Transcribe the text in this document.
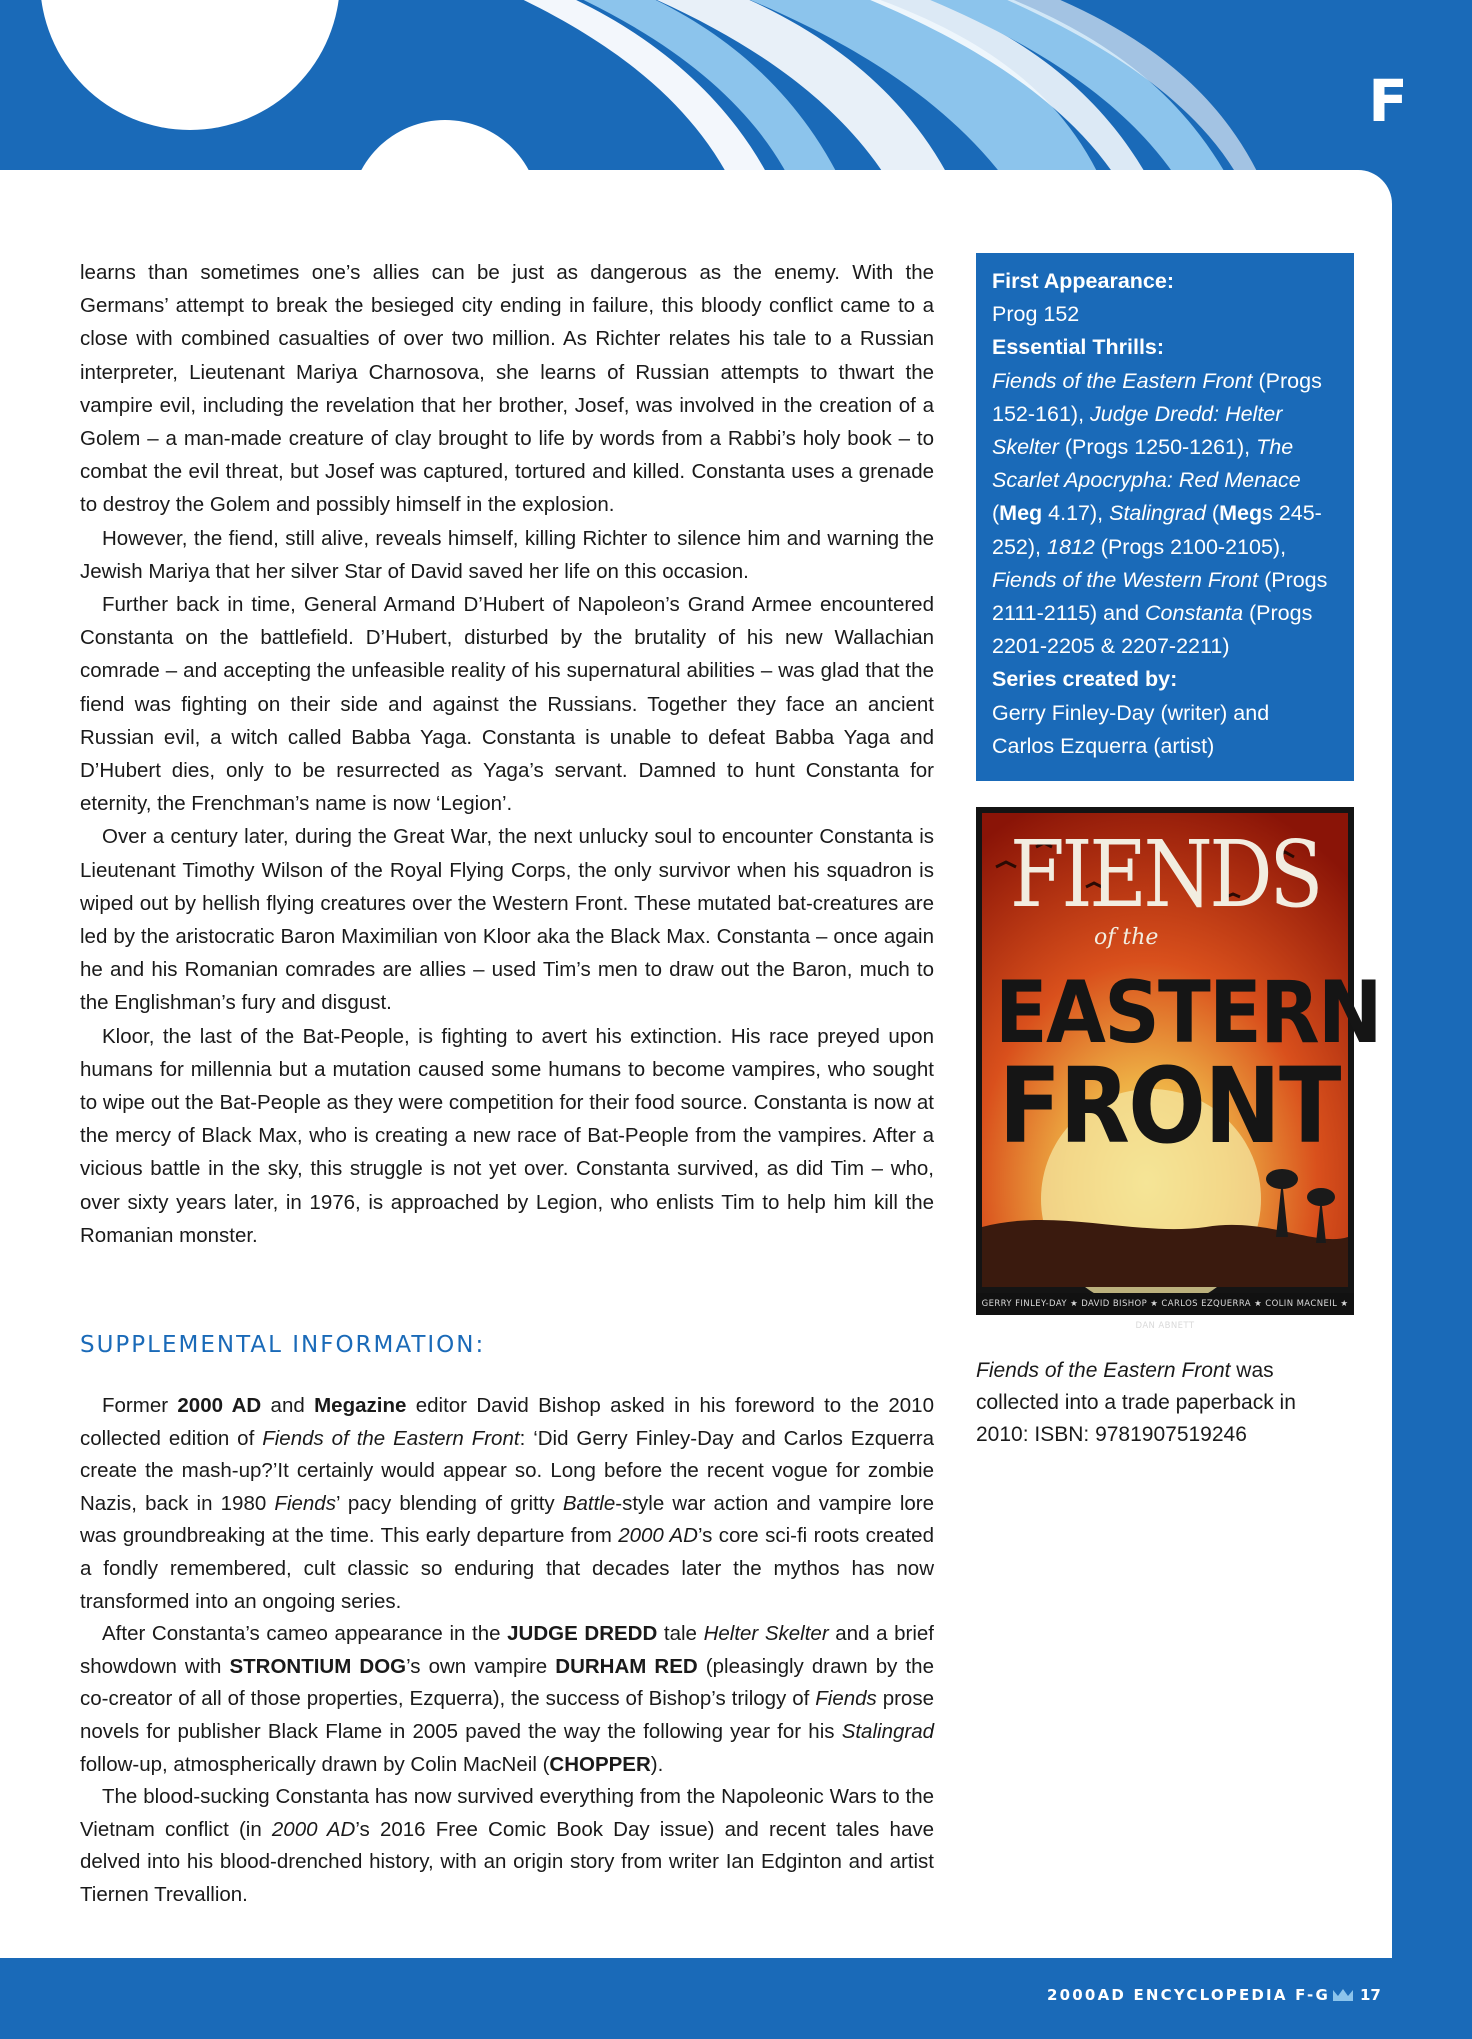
F

learns than sometimes one’s allies can be just as dangerous as the enemy. With the Germans’ attempt to break the besieged city ending in failure, this bloody conflict came to a close with combined casualties of over two million. As Richter relates his tale to a Russian interpreter, Lieutenant Mariya Charnosova, she learns of Russian attempts to thwart the vampire evil, including the revelation that her brother, Josef, was involved in the creation of a Golem – a man-made creature of clay brought to life by words from a Rabbi’s holy book – to combat the evil threat, but Josef was captured, tortured and killed. Constanta uses a grenade to destroy the Golem and possibly himself in the explosion.

However, the fiend, still alive, reveals himself, killing Richter to silence him and warning the Jewish Mariya that her silver Star of David saved her life on this occasion.

Further back in time, General Armand D’Hubert of Napoleon’s Grand Armee encountered Constanta on the battlefield. D’Hubert, disturbed by the brutality of his new Wallachian comrade – and accepting the unfeasible reality of his supernatural abilities – was glad that the fiend was fighting on their side and against the Russians. Together they face an ancient Russian evil, a witch called Babba Yaga. Constanta is unable to defeat Babba Yaga and D’Hubert dies, only to be resurrected as Yaga’s servant. Damned to hunt Constanta for eternity, the Frenchman’s name is now ‘Legion’.

Over a century later, during the Great War, the next unlucky soul to encounter Constanta is Lieutenant Timothy Wilson of the Royal Flying Corps, the only survivor when his squadron is wiped out by hellish flying creatures over the Western Front. These mutated bat-creatures are led by the aristocratic Baron Maximilian von Kloor aka the Black Max. Constanta – once again he and his Romanian comrades are allies – used Tim’s men to draw out the Baron, much to the Englishman’s fury and disgust.

Kloor, the last of the Bat-People, is fighting to avert his extinction. His race preyed upon humans for millennia but a mutation caused some humans to become vampires, who sought to wipe out the Bat-People as they were competition for their food source. Constanta is now at the mercy of Black Max, who is creating a new race of Bat-People from the vampires. After a vicious battle in the sky, this struggle is not yet over. Constanta survived, as did Tim – who, over sixty years later, in 1976, is approached by Legion, who enlists Tim to help him kill the Romanian monster.

SUPPLEMENTAL INFORMATION:

Former 2000 AD and Megazine editor David Bishop asked in his foreword to the 2010 collected edition of Fiends of the Eastern Front: ‘Did Gerry Finley-Day and Carlos Ezquerra create the mash-up?’It certainly would appear so. Long before the recent vogue for zombie Nazis, back in 1980 Fiends’ pacy blending of gritty Battle-style war action and vampire lore was groundbreaking at the time. This early departure from 2000 AD’s core sci-fi roots created a fondly remembered, cult classic so enduring that decades later the mythos has now transformed into an ongoing series.

After Constanta’s cameo appearance in the JUDGE DREDD tale Helter Skelter and a brief showdown with STRONTIUM DOG’s own vampire DURHAM RED (pleasingly drawn by the co-creator of all of those properties, Ezquerra), the success of Bishop’s trilogy of Fiends prose novels for publisher Black Flame in 2005 paved the way the following year for his Stalingrad follow-up, atmospherically drawn by Colin MacNeil (CHOPPER).

The blood-sucking Constanta has now survived everything from the Napoleonic Wars to the Vietnam conflict (in 2000 AD’s 2016 Free Comic Book Day issue) and recent tales have delved into his blood-drenched history, with an origin story from writer Ian Edginton and artist Tiernen Trevallion.

First Appearance:
Prog 152
Essential Thrills:
Fiends of the Eastern Front (Progs 152-161), Judge Dredd: Helter Skelter (Progs 1250-1261), The Scarlet Apocrypha: Red Menace (Meg 4.17), Stalingrad (Megs 245-252), 1812 (Progs 2100-2105), Fiends of the Western Front (Progs 2111-2115) and Constanta (Progs 2201-2205 & 2207-2211)
Series created by:
Gerry Finley-Day (writer) and
Carlos Ezquerra (artist)

FIENDS

of the

EASTERN

FRONT

GERRY FINLEY-DAY ★ DAVID BISHOP ★ CARLOS EZQUERRA ★ COLIN MACNEIL ★ DAN ABNETT

Fiends of the Eastern Front was collected into a trade paperback in 2010: ISBN: 9781907519246
2000AD ENCYCLOPEDIA F-G 17
